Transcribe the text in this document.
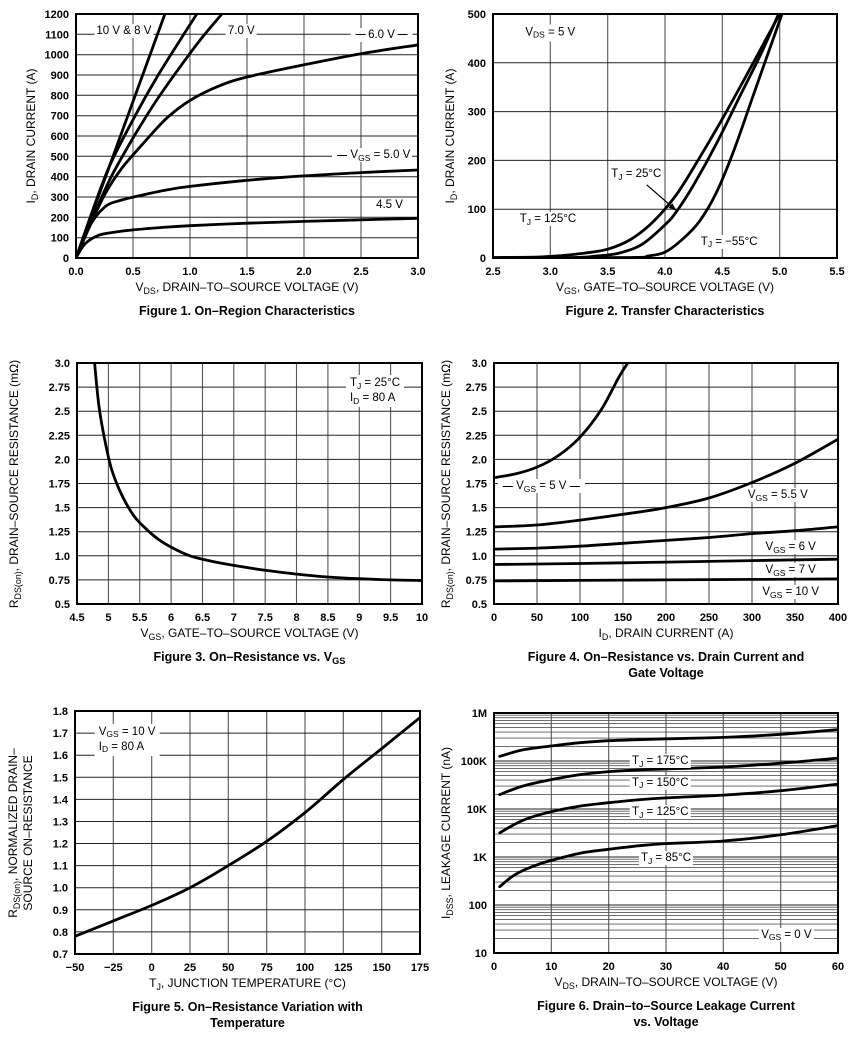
0.0	0.5	1.0	1.5	2.0	2.5	3.0
0
100
200
300
400
500
600
700
800
900
1000
1100
1200
$I_D$, DRAIN CURRENT (A)
$V_{DS}$, DRAIN–TO–SOURCE VOLTAGE (V)
Figure 1. On–Region Characteristics
10 V & 8 V	7.0 V	6.0 V
$V_{GS} = 5.0$ V
4.5 V
2.5	3.0	3.5	4.0	4.5	5.0	5.5
0
100
200
300
400
500
$I_D$, DRAIN CURRENT (A)
$V_{GS}$, GATE–TO–SOURCE VOLTAGE (V)
Figure 2. Transfer Characteristics
$T_J = 25^\circ C$
$T_J = 125^\circ C$
$T_J = -55^\circ C$
$V_{DS} = 5$ V
4.5 5 5.5 6 6.5 7 7.5 8 8.5 9 9.5 10
0.5
0.75
1.0
1.25
1.5
1.75
2.0
2.25
2.5
2.75
3.0
$R_{DS(on)}$, DRAIN–SOURCE RESISTANCE (mΩ)
$V_{GS}$, GATE–TO–SOURCE VOLTAGE (V)
Figure 3. On–Resistance vs. $V_{GS}$
$T_J = 25^\circ C$
$I_D = 80$ A
0	50	100 150 200 250 300 350 400
0.5
0.75
1.0
1.25
1.5
1.75
2.0
2.25
2.5
2.75
3.0
$R_{DS(on)}$, DRAIN–SOURCE RESISTANCE (mΩ)
$I_D$, DRAIN CURRENT (A)
Figure 4. On–Resistance vs. Drain Current and
Gate Voltage
$V_{GS} = 5$ V
$V_{GS} = 5.5$ V
$V_{GS} = 6$ V
$V_{GS} = 7$ V
$V_{GS} = 10$ V
−50 −25 0	25 50 75 100 125 150 175
0.7
0.8
0.9
1.0
1.1
1.2
1.3
1.4
1.5
1.6
1.7
1.8
$R_{DS(on)}$, NORMALIZED DRAIN– SOURCE ON–RESISTANCE
$T_J$, JUNCTION TEMPERATURE (°C)
Figure 5. On–Resistance Variation with
Temperature
$V_{GS} = 10$ V
$I_D = 80$ A
0	10	20	30	40	50	60
10
100
1K
10K
100K
1M
$I_{DSS}$, LEAKAGE CURRENT (nA)
$V_{DS}$, DRAIN–TO–SOURCE VOLTAGE (V)
Figure 6. Drain–to–Source Leakage Current
vs. Voltage
$T_J = 175^\circ C$
$T_J = 150^\circ C$
$T_J = 125^\circ C$
$T_J = 85^\circ C$
$V_{GS} = 0$ V
